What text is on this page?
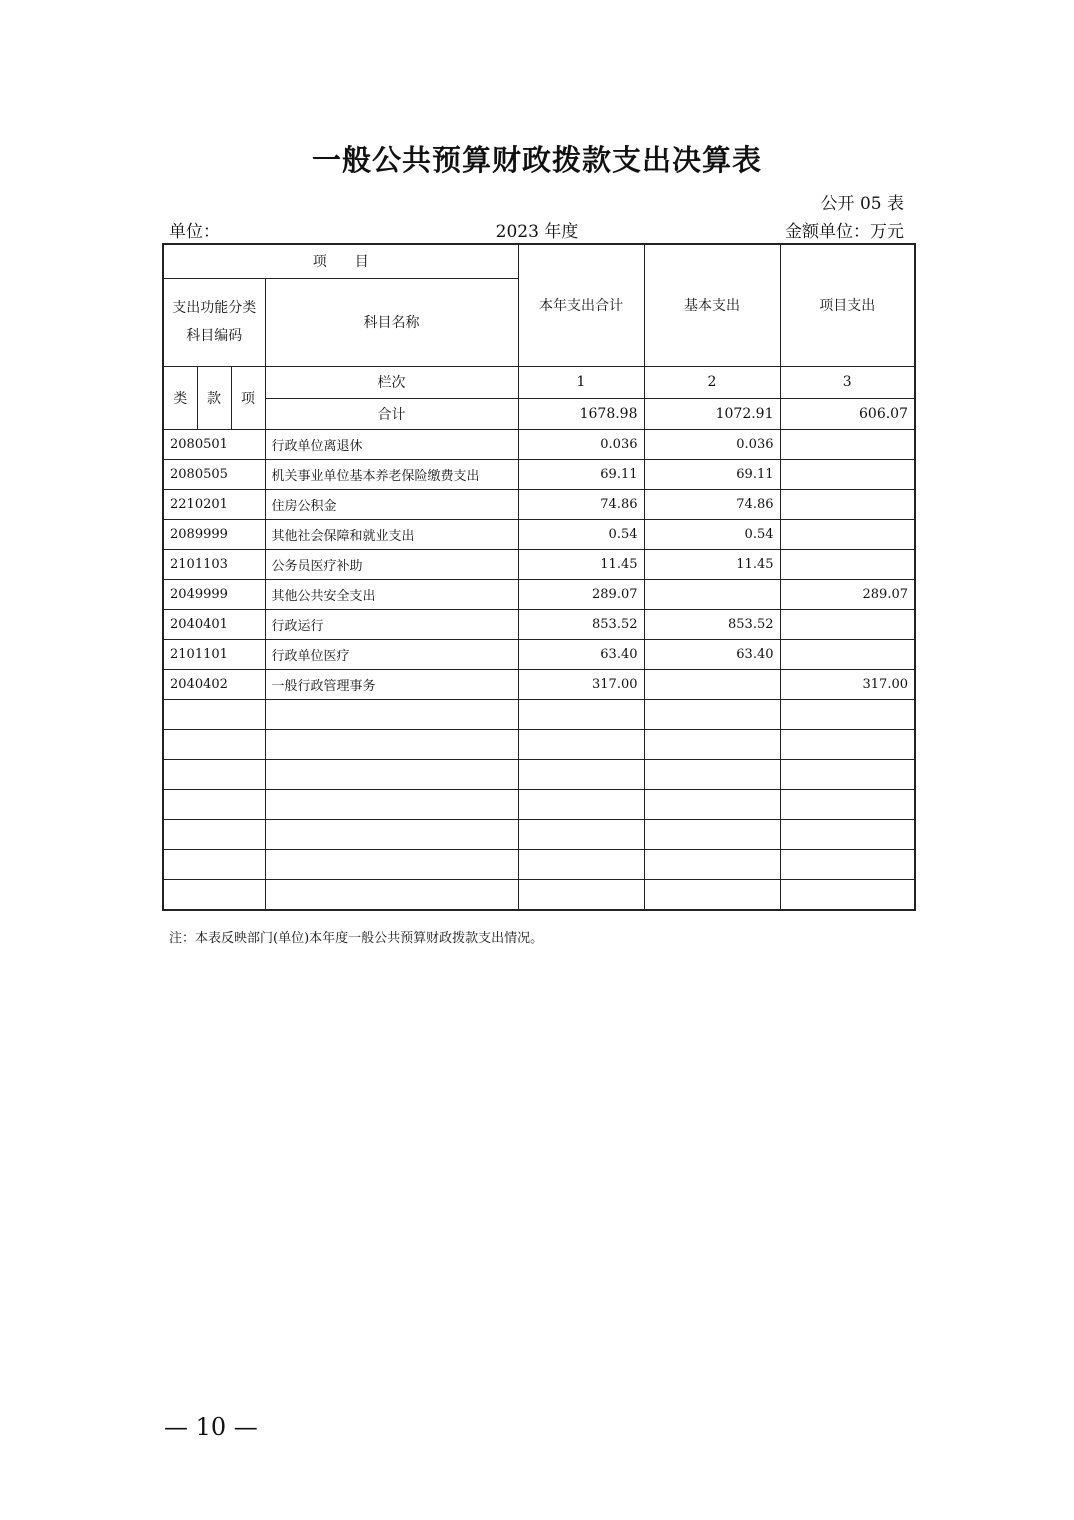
一般公共预算财政拨款支出决算表
公开 05 表
单位：	2023 年度	金额单位：万元
项　　目				本年支出合计	基本支出	项目支出
支出功能分类科目编码			科目名称			
类	款	项	栏次	1	2	3
			合计	1678.98	1072.91	606.07
2080501			行政单位离退休	0.036	0.036	
2080505			机关事业单位基本养老保险缴费支出	69.11	69.11	
2210201			住房公积金	74.86	74.86	
2089999			其他社会保障和就业支出	0.54	0.54	
2101103			公务员医疗补助	11.45	11.45	
2049999			其他公共安全支出	289.07		289.07
2040401			行政运行	853.52	853.52	
2101101			行政单位医疗	63.40	63.40	
2040402			一般行政管理事务	317.00		317.00

注：本表反映部门(单位)本年度一般公共预算财政拨款支出情况。
— 10 —
